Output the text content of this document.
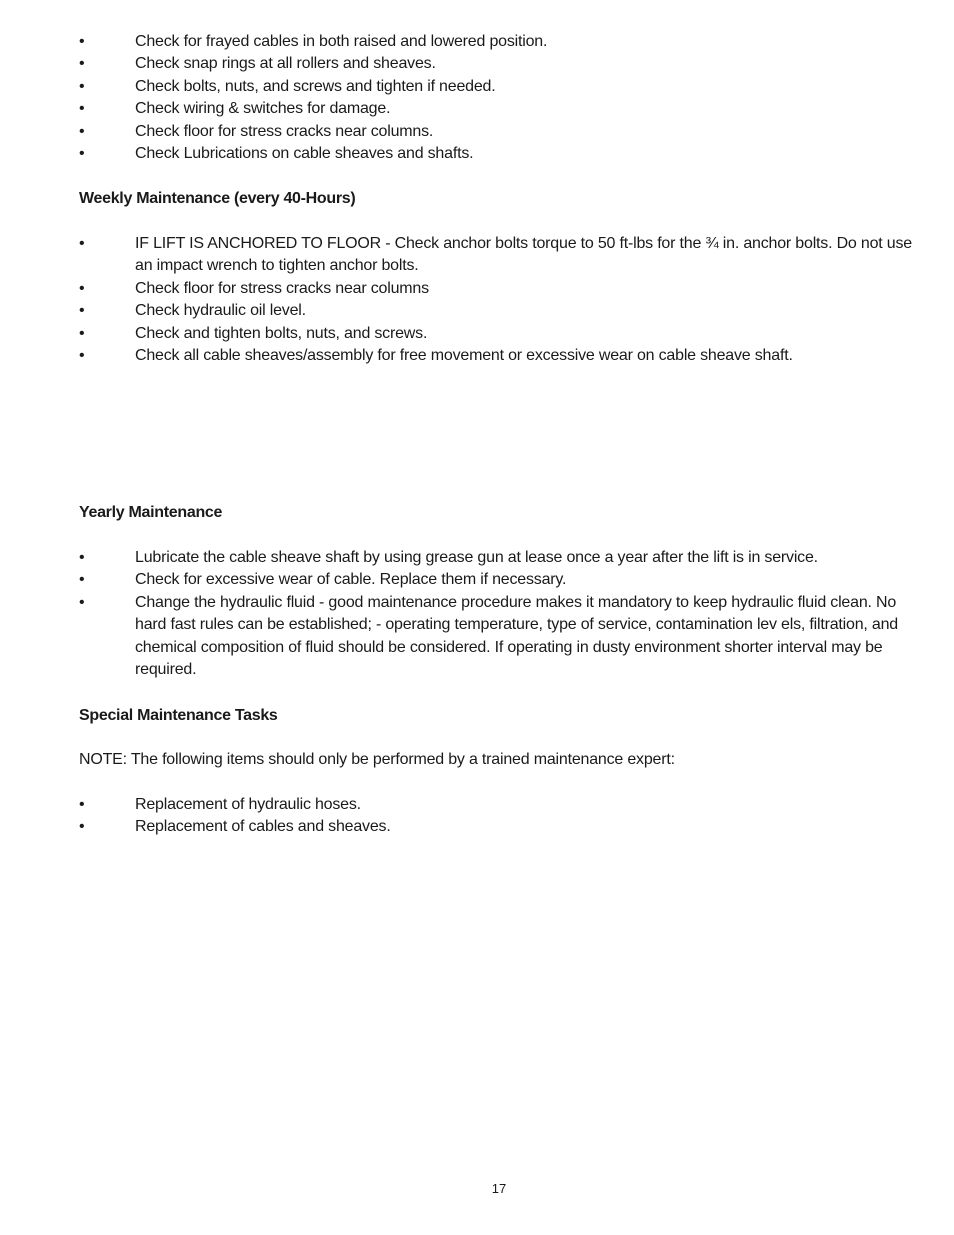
•	Check for frayed cables in both raised and lowered position.
•	Check snap rings at all rollers and sheaves.
•	Check bolts, nuts, and screws and tighten if needed.
•	Check wiring & switches for damage.
•	Check floor for stress cracks near columns.
•	Check Lubrications on cable sheaves and shafts.
Weekly Maintenance (every 40-Hours)
•	IF LIFT IS ANCHORED TO FLOOR - Check anchor bolts torque to 50 ft-lbs for the ¾ in. anchor bolts. Do not use an impact wrench to tighten anchor bolts.
•	Check floor for stress cracks near columns
•	Check hydraulic oil level.
•	Check and tighten bolts, nuts, and screws.
•	Check all cable sheaves/assembly for free movement or excessive wear on cable sheave shaft.
Yearly Maintenance
•	Lubricate the cable sheave shaft by using grease gun at lease once a year after the lift is in service.
•	Check for excessive wear of cable. Replace them if necessary.
•	Change the hydraulic fluid - good maintenance procedure makes it mandatory to keep hydraulic fluid clean. No hard fast rules can be established; - operating temperature, type of service, contamination lev els, filtration, and chemical composition of fluid should be considered. If operating in dusty environment shorter interval may be required.
Special Maintenance Tasks
NOTE: The following items should only be performed by a trained maintenance expert:
•	Replacement of hydraulic hoses.
•	Replacement of cables and sheaves.
17
